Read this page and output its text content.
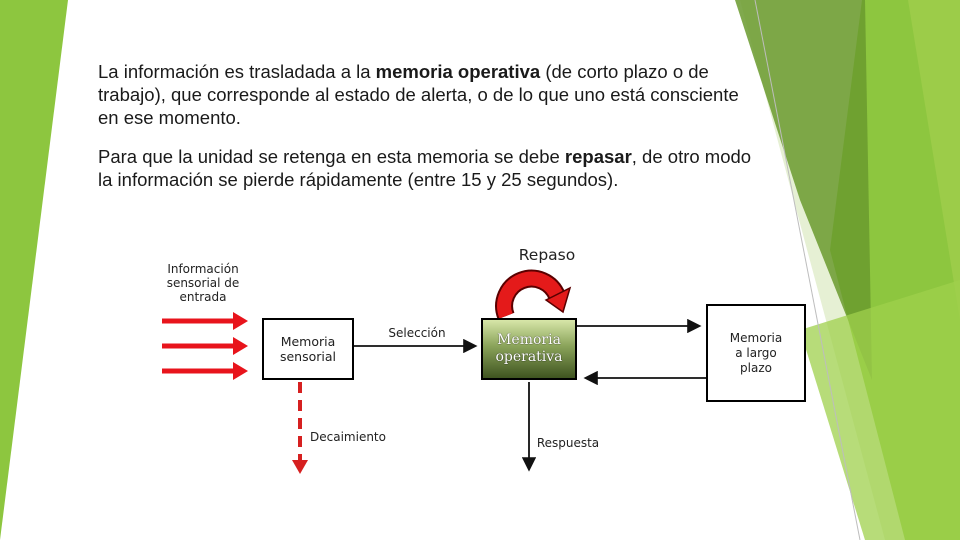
La información es trasladada a la memoria operativa (de corto plazo o de trabajo), que corresponde al estado de alerta, o de lo que uno está consciente en ese momento.

Para que la unidad se retenga en esta memoria se debe repasar, de otro modo la información se pierde rápidamente (entre 15 y 25 segundos).

Información sensorial de entrada
Memoria sensorial
Selección
Repaso
Memoria operativa
Memoria a largo plazo
Decaimiento	Respuesta
